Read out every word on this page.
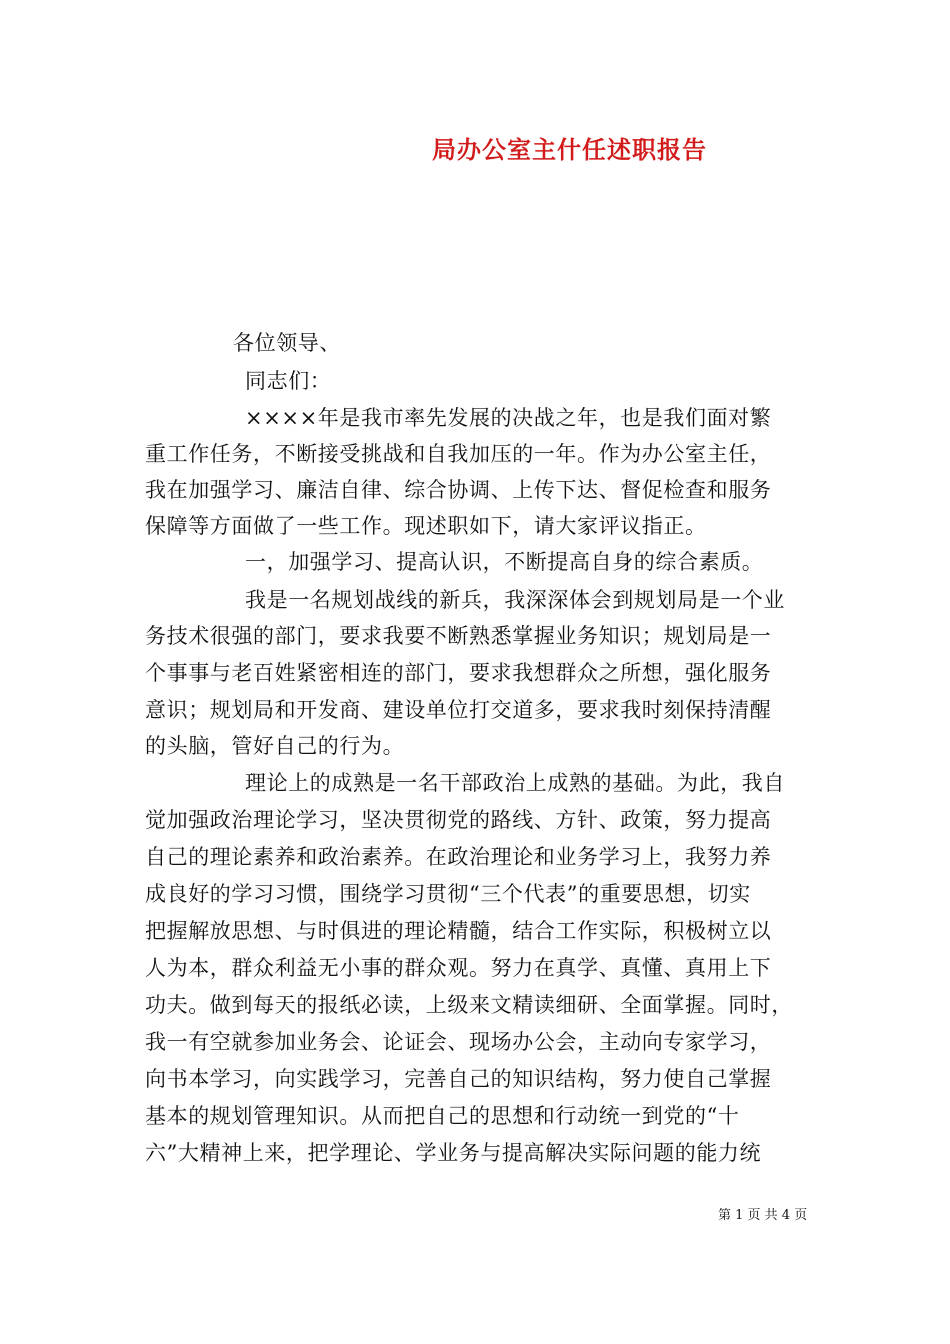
局办公室主什任述职报告
各位领导、
同志们：
××××年是我市率先发展的决战之年，也是我们面对繁
重工作任务，不断接受挑战和自我加压的一年。作为办公室主任，
我在加强学习、廉洁自律、综合协调、上传下达、督促检查和服务
保障等方面做了一些工作。现述职如下，请大家评议指正。
一，加强学习、提高认识，不断提高自身的综合素质。
我是一名规划战线的新兵，我深深体会到规划局是一个业
务技术很强的部门，要求我要不断熟悉掌握业务知识；规划局是一
个事事与老百姓紧密相连的部门，要求我想群众之所想，强化服务
意识；规划局和开发商、建设单位打交道多，要求我时刻保持清醒
的头脑，管好自己的行为。
理论上的成熟是一名干部政治上成熟的基础。为此，我自
觉加强政治理论学习，坚决贯彻党的路线、方针、政策，努力提高
自己的理论素养和政治素养。在政治理论和业务学习上，我努力养
成良好的学习习惯，围绕学习贯彻“三个代表”的重要思想，切实
把握解放思想、与时俱进的理论精髓，结合工作实际，积极树立以
人为本，群众利益无小事的群众观。努力在真学、真懂、真用上下
功夫。做到每天的报纸必读，上级来文精读细研、全面掌握。同时，
我一有空就参加业务会、论证会、现场办公会，主动向专家学习，
向书本学习，向实践学习，完善自己的知识结构，努力使自己掌握
基本的规划管理知识。从而把自己的思想和行动统一到党的“十
六”大精神上来，把学理论、学业务与提高解决实际问题的能力统
第 1 页 共 4 页
